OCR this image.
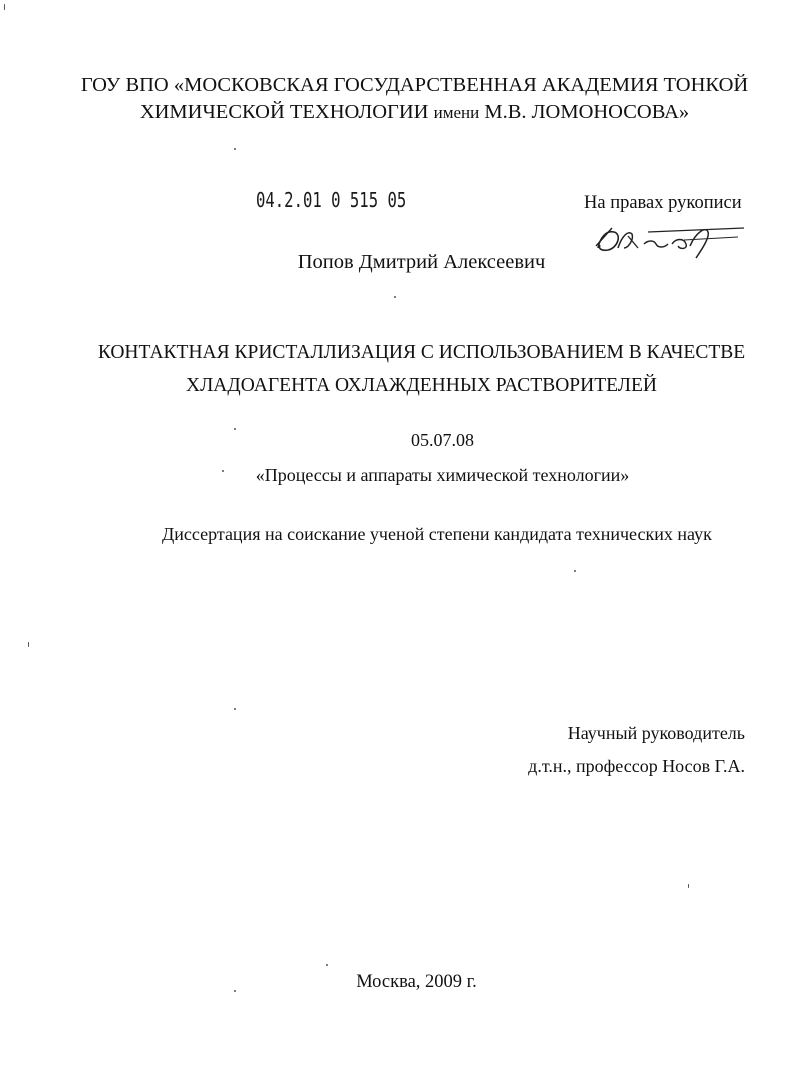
ГОУ ВПО «МОСКОВСКАЯ ГОСУДАРСТВЕННАЯ АКАДЕМИЯ ТОНКОЙ
ХИМИЧЕСКОЙ ТЕХНОЛОГИИ имени М.В. ЛОМОНОСОВА»
04.2.01 0 515 05	На правах рукописи
Попов Дмитрий Алексеевич
КОНТАКТНАЯ КРИСТАЛЛИЗАЦИЯ С ИСПОЛЬЗОВАНИЕМ В КАЧЕСТВЕ
ХЛАДОАГЕНТА ОХЛАЖДЕННЫХ РАСТВОРИТЕЛЕЙ
05.07.08
«Процессы и аппараты химической технологии»
Диссертация на соискание ученой степени кандидата технических наук
Научный руководитель
д.т.н., профессор Носов Г.А.
Москва, 2009 г.
